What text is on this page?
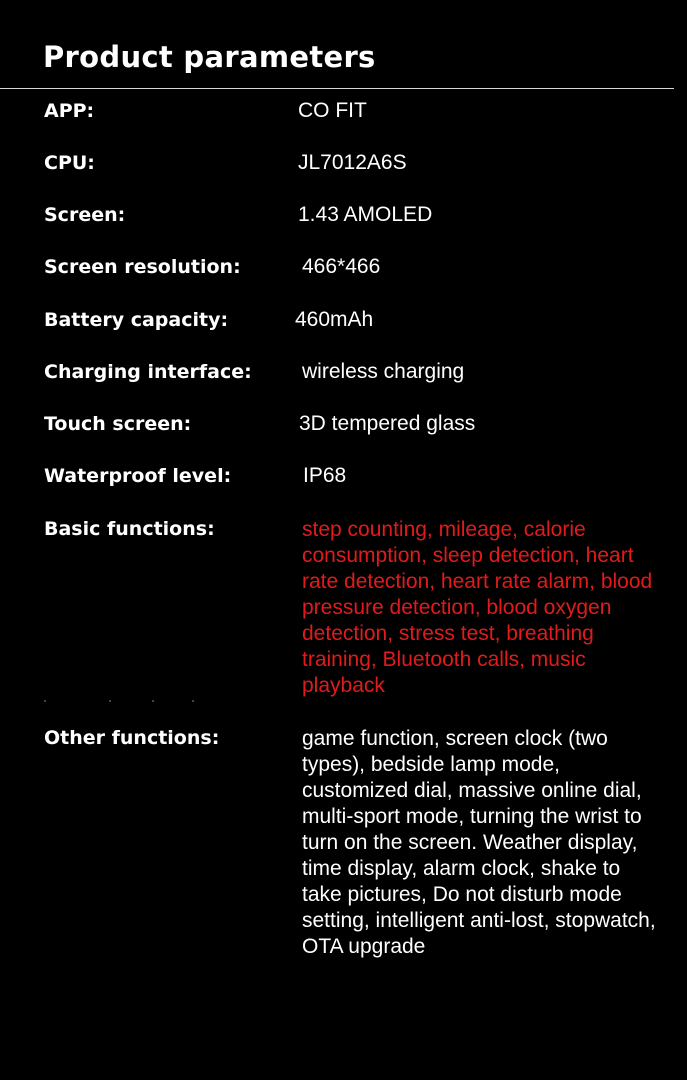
Product parameters
APP:	CO FIT
CPU:	JL7012A6S
Screen:	1.43 AMOLED
Screen resolution:	466*466
Battery capacity:	460mAh
Charging interface: wireless charging
Touch screen:	3D tempered glass
Waterproof level:	IP68
Basic functions:	step counting, mileage, calorie consumption, sleep detection, heart rate detection, heart rate alarm, blood pressure detection, blood oxygen detection, stress test, breathing training, Bluetooth calls, music playback
Other functions:	game function, screen clock (two types), bedside lamp mode, customized dial, massive online dial, multi-sport mode, turning the wrist to turn on the screen. Weather display, time display, alarm clock, shake to take pictures, Do not disturb mode setting, intelligent anti-lost, stopwatch, OTA upgrade
